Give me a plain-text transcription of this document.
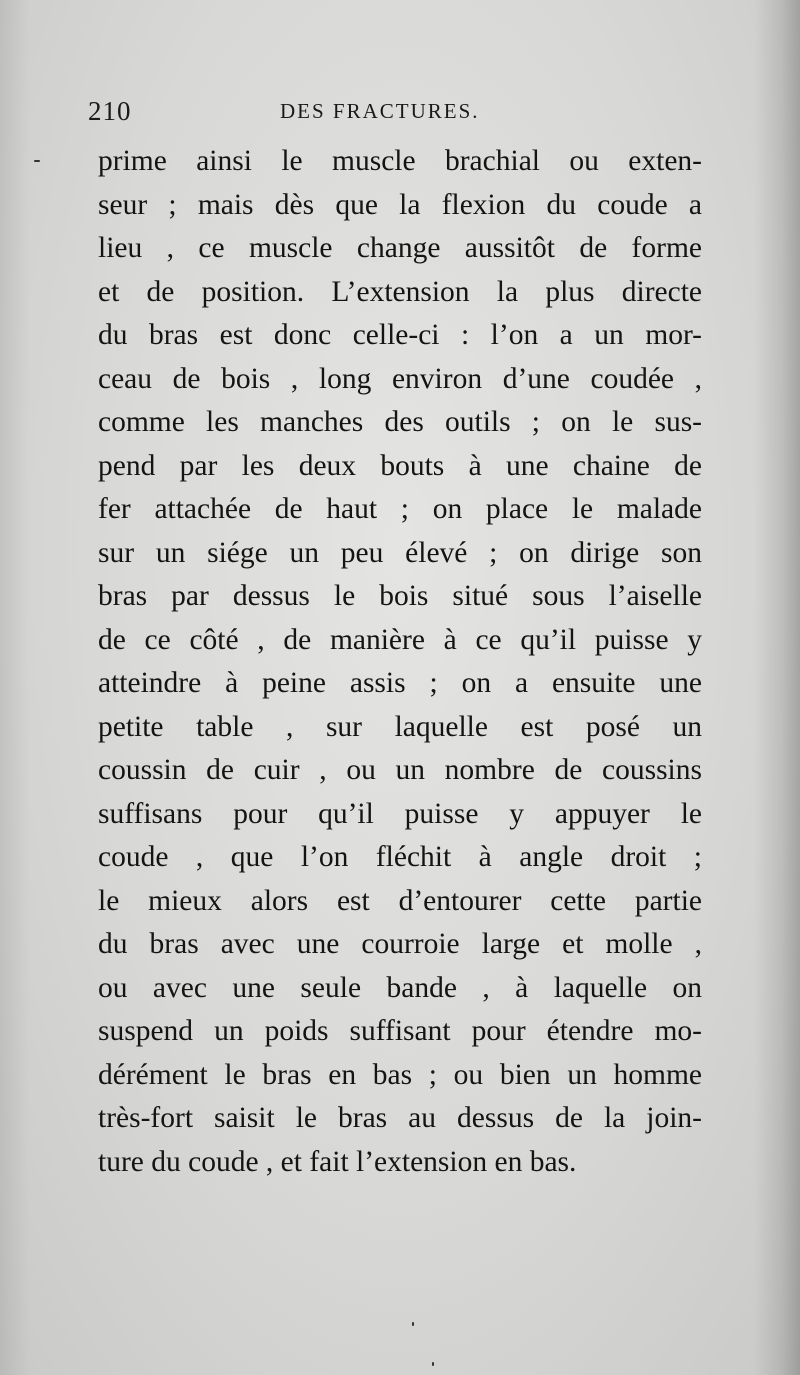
210	DES FRACTURES.
prime ainsi le muscle brachial ou exten-
seur ; mais dès que la flexion du coude a
lieu , ce muscle change aussitôt de forme
et de position. L’extension la plus directe
du bras est donc celle-ci : l’on a un mor-
ceau de bois , long environ d’une coudée ,
comme les manches des outils ; on le sus-
pend par les deux bouts à une chaine de
fer attachée de haut ; on place le malade
sur un siége un peu élevé ; on dirige son
bras par dessus le bois situé sous l’aiselle
de ce côté , de manière à ce qu’il puisse y
atteindre à peine assis ; on a ensuite une
petite table , sur laquelle est posé un
coussin de cuir , ou un nombre de coussins
suffisans pour qu’il puisse y appuyer le
coude , que l’on fléchit à angle droit ;
le mieux alors est d’entourer cette partie
du bras avec une courroie large et molle ,
ou avec une seule bande , à laquelle on
suspend un poids suffisant pour étendre mo-
dérément le bras en bas ; ou bien un homme
très-fort saisit le bras au dessus de la join-
ture du coude , et fait l’extension en bas.
